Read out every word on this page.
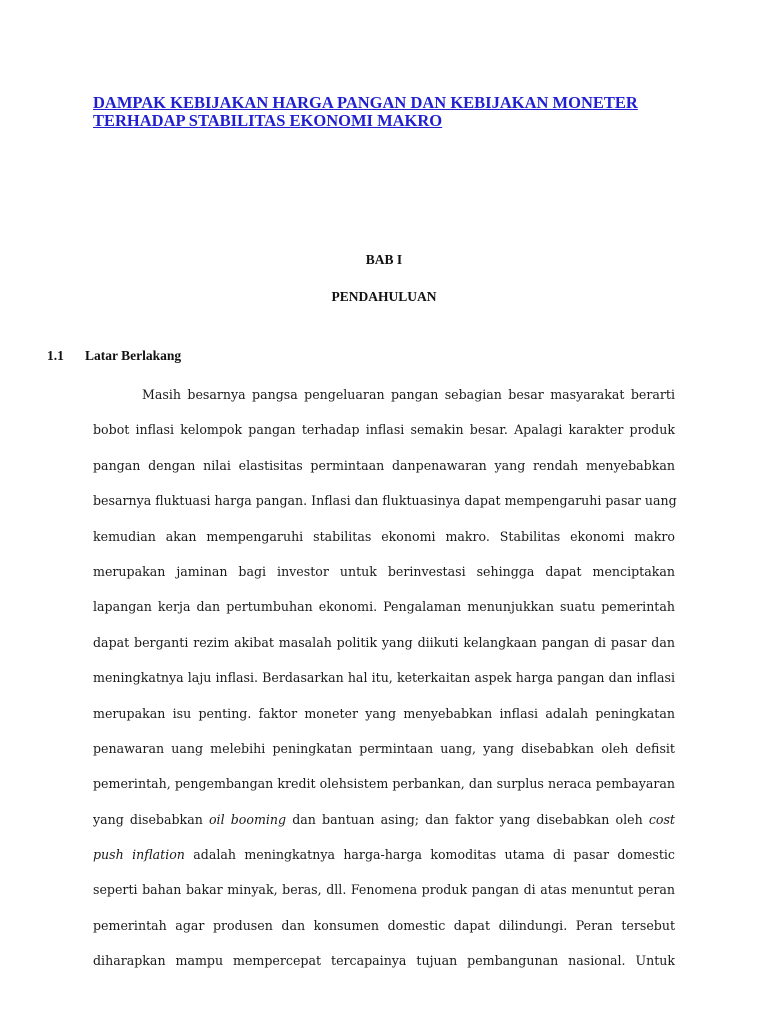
DAMPAK KEBIJAKAN HARGA PANGAN DAN KEBIJAKAN MONETER
TERHADAP STABILITAS EKONOMI MAKRO
BAB I
PENDAHULUAN
1.1 Latar Berlakang
Masih besarnya pangsa pengeluaran pangan sebagian besar masyarakat berarti
bobot inflasi kelompok pangan terhadap inflasi semakin besar. Apalagi karakter produk
pangan dengan nilai elastisitas permintaan danpenawaran yang rendah menyebabkan
besarnya fluktuasi harga pangan. Inflasi dan fluktuasinya dapat mempengaruhi pasar uang
kemudian akan mempengaruhi stabilitas ekonomi makro. Stabilitas ekonomi makro
merupakan jaminan bagi investor untuk berinvestasi sehingga dapat menciptakan
lapangan kerja dan pertumbuhan ekonomi. Pengalaman menunjukkan suatu pemerintah
dapat berganti rezim akibat masalah politik yang diikuti kelangkaan pangan di pasar dan
meningkatnya laju inflasi. Berdasarkan hal itu, keterkaitan aspek harga pangan dan inflasi
merupakan isu penting. faktor moneter yang menyebabkan inflasi adalah peningkatan
penawaran uang melebihi peningkatan permintaan uang, yang disebabkan oleh defisit
pemerintah, pengembangan kredit olehsistem perbankan, dan surplus neraca pembayaran
yang disebabkan oil booming dan bantuan asing; dan faktor yang disebabkan oleh cost
push inflation adalah meningkatnya harga-harga komoditas utama di pasar domestic
seperti bahan bakar minyak, beras, dll. Fenomena produk pangan di atas menuntut peran
pemerintah agar produsen dan konsumen domestic dapat dilindungi. Peran tersebut
diharapkan mampu mempercepat tercapainya tujuan pembangunan nasional. Untuk
